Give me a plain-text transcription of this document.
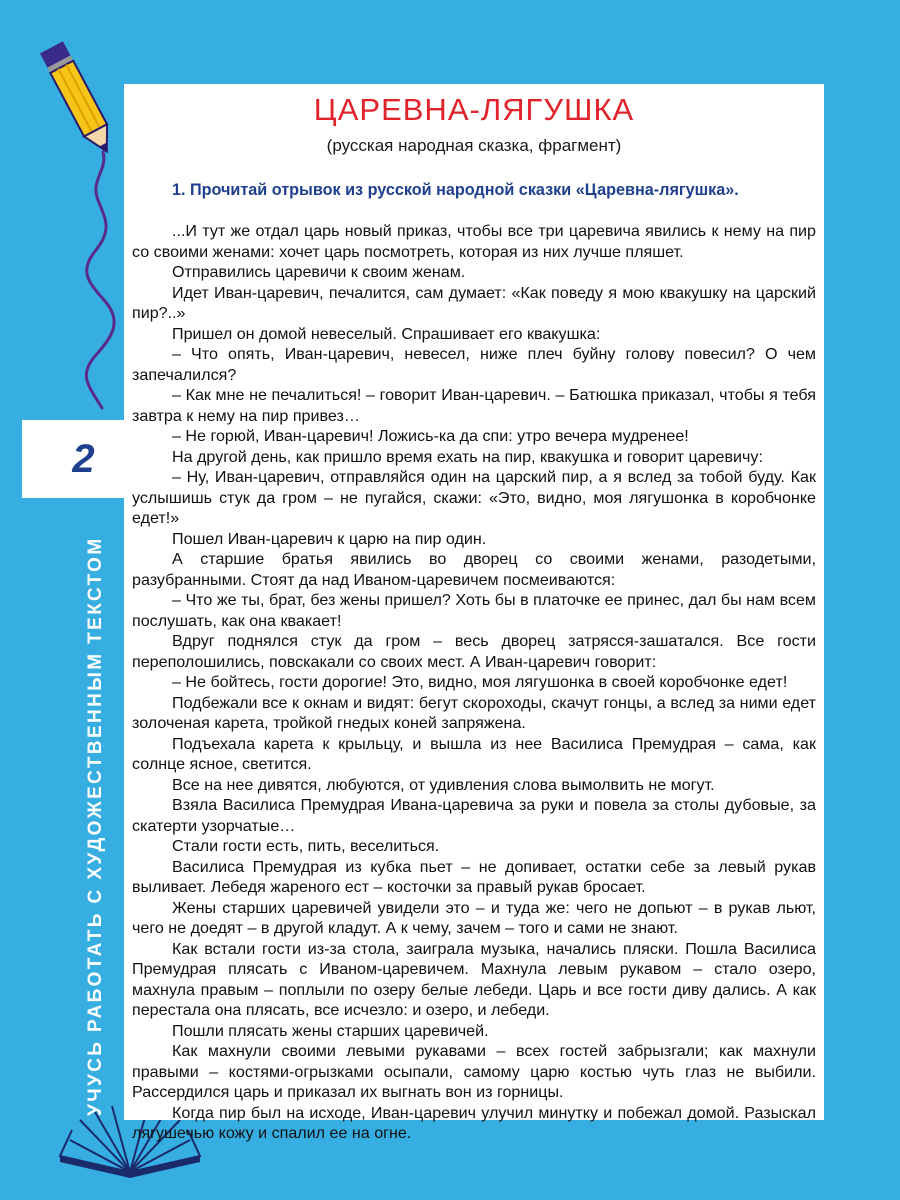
2
УЧУСЬ РАБОТАТЬ С ХУДОЖЕСТВЕННЫМ ТЕКСТОМ
ЦАРЕВНА-ЛЯГУШКА
(русская народная сказка, фрагмент)
1. Прочитай отрывок из русской народной сказки «Царевна-лягушка».

...И тут же отдал царь новый приказ, чтобы все три царевича явились к нему на пир со своими женами: хочет царь посмотреть, которая из них лучше пляшет.

Отправились царевичи к своим женам.

Идет Иван-царевич, печалится, сам думает: «Как поведу я мою квакушку на царский пир?..»

Пришел он домой невеселый. Спрашивает его квакушка:

– Что опять, Иван-царевич, невесел, ниже плеч буйну голову повесил? О чем запечалился?

– Как мне не печалиться! – говорит Иван-царевич. – Батюшка приказал, чтобы я тебя завтра к нему на пир привез…

– Не горюй, Иван-царевич! Ложись-ка да спи: утро вечера мудренее!

На другой день, как пришло время ехать на пир, квакушка и говорит царевичу:

– Ну, Иван-царевич, отправляйся один на царский пир, а я вслед за тобой буду. Как услышишь стук да гром – не пугайся, скажи: «Это, видно, моя лягушонка в коробчонке едет!»

Пошел Иван-царевич к царю на пир один.

А старшие братья явились во дворец со своими женами, разодетыми, разубранными. Стоят да над Иваном-царевичем посмеиваются:

– Что же ты, брат, без жены пришел? Хоть бы в платочке ее принес, дал бы нам всем послушать, как она квакает!

Вдруг поднялся стук да гром – весь дворец затрясся-зашатался. Все гости переполошились, повскакали со своих мест. А Иван-царевич говорит:

– Не бойтесь, гости дорогие! Это, видно, моя лягушонка в своей коробчонке едет!

Подбежали все к окнам и видят: бегут скороходы, скачут гонцы, а вслед за ними едет золоченая карета, тройкой гнедых коней запряжена.

Подъехала карета к крыльцу, и вышла из нее Василиса Премудрая – сама, как солнце ясное, светится.

Все на нее дивятся, любуются, от удивления слова вымолвить не могут.

Взяла Василиса Премудрая Ивана-царевича за руки и повела за столы дубовые, за скатерти узорчатые…

Стали гости есть, пить, веселиться.

Василиса Премудрая из кубка пьет – не допивает, остатки себе за левый рукав выливает. Лебедя жареного ест – косточки за правый рукав бросает.

Жены старших царевичей увидели это – и туда же: чего не допьют – в рукав льют, чего не доедят – в другой кладут. А к чему, зачем – того и сами не знают.

Как встали гости из-за стола, заиграла музыка, начались пляски. Пошла Василиса Премудрая плясать с Иваном-царевичем. Махнула левым рукавом – стало озеро, махнула правым – поплыли по озеру белые лебеди. Царь и все гости диву дались. А как перестала она плясать, все исчезло: и озеро, и лебеди.

Пошли плясать жены старших царевичей.

Как махнули своими левыми рукавами – всех гостей забрызгали; как махнули правыми – костями-огрызками осыпали, самому царю костью чуть глаз не выбили. Рассердился царь и приказал их выгнать вон из горницы.

Когда пир был на исходе, Иван-царевич улучил минутку и побежал домой. Разыскал лягушечью кожу и спалил ее на огне.
